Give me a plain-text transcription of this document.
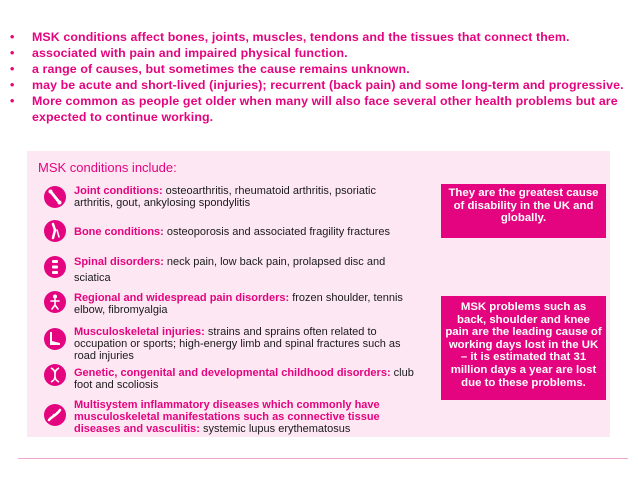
• MSK conditions affect bones, joints, muscles, tendons and the tissues that connect them.
• associated with pain and impaired physical function.
• a range of causes, but sometimes the cause remains unknown.
• may be acute and short-lived (injuries); recurrent (back pain) and some long-term and progressive.
• More common as people get older when many will also face several other health problems but are expected to continue working.
MSK conditions include:
Joint conditions: osteoarthritis, rheumatoid arthritis, psoriatic arthritis, gout, ankylosing spondylitis
Bone conditions: osteoporosis and associated fragility fractures
Spinal disorders: neck pain, low back pain, prolapsed disc and sciatica
Regional and widespread pain disorders: frozen shoulder, tennis elbow, fibromyalgia
Musculoskeletal injuries: strains and sprains often related to occupation or sports; high-energy limb and spinal fractures such as road injuries
Genetic, congenital and developmental childhood disorders: club foot and scoliosis
Multisystem inflammatory diseases which commonly have musculoskeletal manifestations such as connective tissue diseases and vasculitis: systemic lupus erythematosus
They are the greatest cause of disability in the UK and globally.
MSK problems such as back, shoulder and knee pain are the leading cause of working days lost in the UK – it is estimated that 31 million days a year are lost due to these problems.
